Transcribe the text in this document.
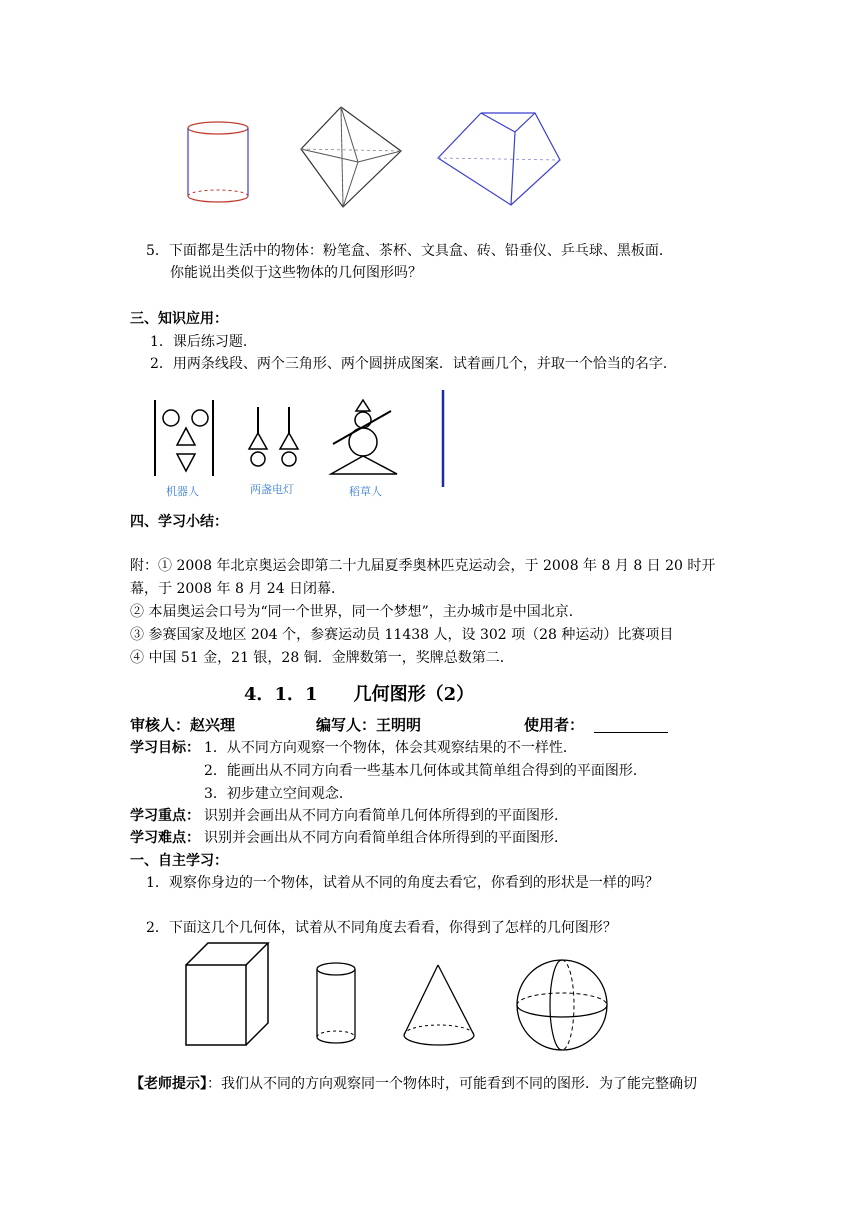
5．下面都是生活中的物体：粉笔盒、茶杯、文具盒、砖、铅垂仪、乒乓球、黑板面．
你能说出类似于这些物体的几何图形吗？
三、知识应用：
1．课后练习题．
2．用两条线段、两个三角形、两个圆拼成图案．试着画几个，并取一个恰当的名字．
机器人	两盏电灯	稻草人
四、学习小结：
附：① 2008 年北京奥运会即第二十九届夏季奥林匹克运动会，于 2008 年 8 月 8 日 20 时开
幕，于 2008 年 8 月 24 日闭幕．
② 本届奥运会口号为“同一个世界，同一个梦想”，主办城市是中国北京．
③ 参赛国家及地区 204 个，参赛运动员 11438 人，设 302 项（28 种运动）比赛项目
④ 中国 51 金，21 银，28 铜．金牌数第一，奖牌总数第二．
4．1．1　　几何图形（2）
审核人：赵兴理	编写人：王明明	使用者：
学习目标： 1．从不同方向观察一个物体，体会其观察结果的不一样性．
2．能画出从不同方向看一些基本几何体或其简单组合得到的平面图形．
3．初步建立空间观念．
学习重点： 识别并会画出从不同方向看简单几何体所得到的平面图形．
学习难点： 识别并会画出从不同方向看简单组合体所得到的平面图形．
一、自主学习：
1．观察你身边的一个物体，试着从不同的角度去看它，你看到的形状是一样的吗？
2．下面这几个几何体，试着从不同角度去看看，你得到了怎样的几何图形？
【老师提示】：我们从不同的方向观察同一个物体时，可能看到不同的图形．为了能完整确切
